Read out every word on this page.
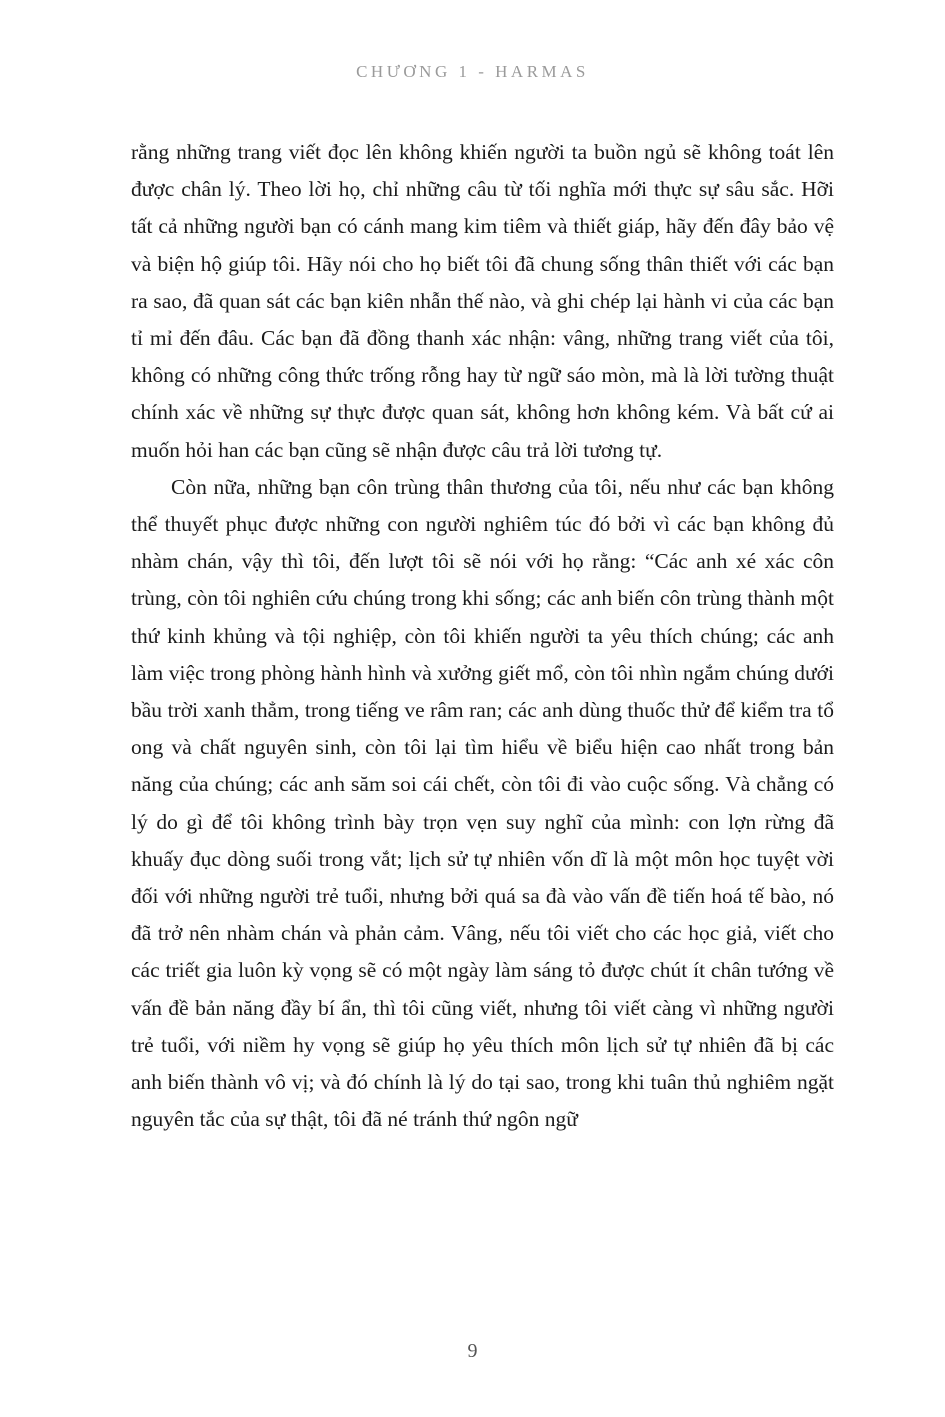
CHƯƠNG 1 - HARMAS

rằng những trang viết đọc lên không khiến người ta buồn ngủ sẽ không toát lên được chân lý. Theo lời họ, chỉ những câu từ tối nghĩa mới thực sự sâu sắc. Hỡi tất cả những người bạn có cánh mang kim tiêm và thiết giáp, hãy đến đây bảo vệ và biện hộ giúp tôi. Hãy nói cho họ biết tôi đã chung sống thân thiết với các bạn ra sao, đã quan sát các bạn kiên nhẫn thế nào, và ghi chép lại hành vi của các bạn tỉ mỉ đến đâu. Các bạn đã đồng thanh xác nhận: vâng, những trang viết của tôi, không có những công thức trống rỗng hay từ ngữ sáo mòn, mà là lời tường thuật chính xác về những sự thực được quan sát, không hơn không kém. Và bất cứ ai muốn hỏi han các bạn cũng sẽ nhận được câu trả lời tương tự.

Còn nữa, những bạn côn trùng thân thương của tôi, nếu như các bạn không thể thuyết phục được những con người nghiêm túc đó bởi vì các bạn không đủ nhàm chán, vậy thì tôi, đến lượt tôi sẽ nói với họ rằng: “Các anh xé xác côn trùng, còn tôi nghiên cứu chúng trong khi sống; các anh biến côn trùng thành một thứ kinh khủng và tội nghiệp, còn tôi khiến người ta yêu thích chúng; các anh làm việc trong phòng hành hình và xưởng giết mổ, còn tôi nhìn ngắm chúng dưới bầu trời xanh thẳm, trong tiếng ve râm ran; các anh dùng thuốc thử để kiểm tra tổ ong và chất nguyên sinh, còn tôi lại tìm hiểu về biểu hiện cao nhất trong bản năng của chúng; các anh săm soi cái chết, còn tôi đi vào cuộc sống. Và chẳng có lý do gì để tôi không trình bày trọn vẹn suy nghĩ của mình: con lợn rừng đã khuấy đục dòng suối trong vắt; lịch sử tự nhiên vốn dĩ là một môn học tuyệt vời đối với những người trẻ tuổi, nhưng bởi quá sa đà vào vấn đề tiến hoá tế bào, nó đã trở nên nhàm chán và phản cảm. Vâng, nếu tôi viết cho các học giả, viết cho các triết gia luôn kỳ vọng sẽ có một ngày làm sáng tỏ được chút ít chân tướng về vấn đề bản năng đầy bí ẩn, thì tôi cũng viết, nhưng tôi viết càng vì những người trẻ tuổi, với niềm hy vọng sẽ giúp họ yêu thích môn lịch sử tự nhiên đã bị các anh biến thành vô vị; và đó chính là lý do tại sao, trong khi tuân thủ nghiêm ngặt nguyên tắc của sự thật, tôi đã né tránh thứ ngôn ngữ

9
